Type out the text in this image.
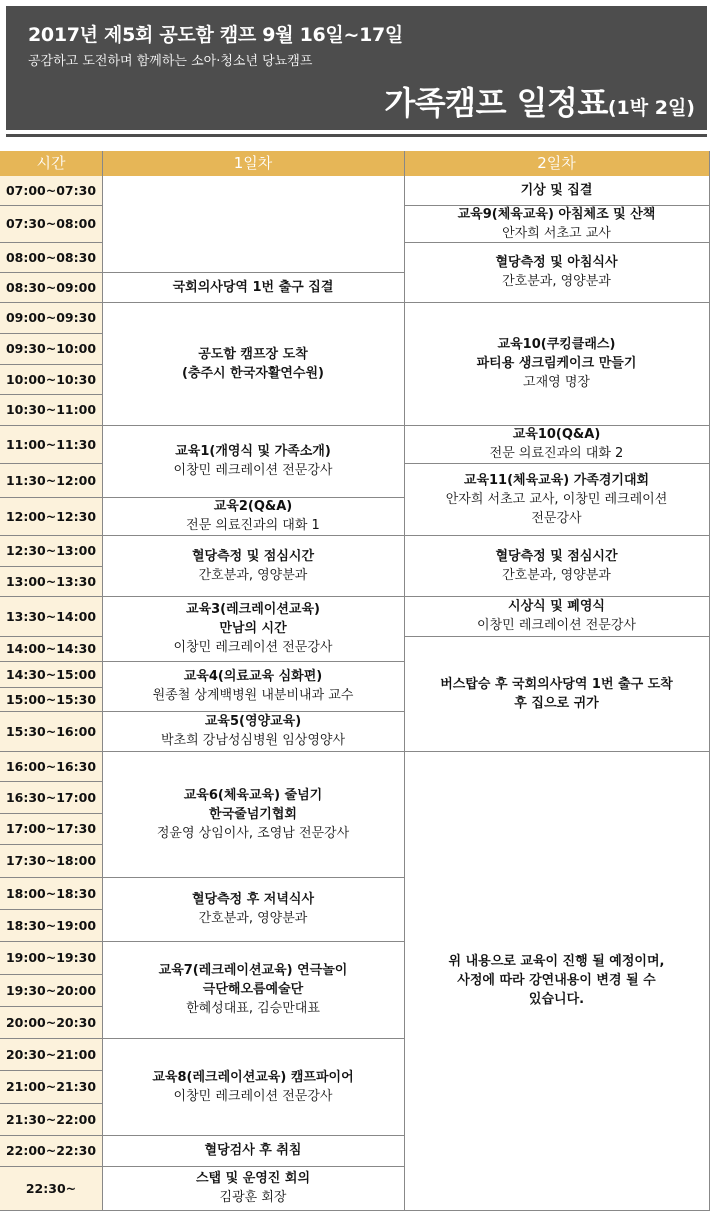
2017년 제5회 공도함 캠프 9월 16일~17일
공감하고 도전하며 함께하는 소아·청소년 당뇨캠프
가족캠프 일정표(1박 2일)
시간	1일차	2일차
07:00~07:30
07:30~08:00
08:00~08:30
08:30~09:00
09:00~09:30
09:30~10:00
10:00~10:30
10:30~11:00
11:00~11:30
11:30~12:00
12:00~12:30
12:30~13:00
13:00~13:30
13:30~14:00
14:00~14:30
14:30~15:00
15:00~15:30
15:30~16:00
16:00~16:30
16:30~17:00
17:00~17:30
17:30~18:00
18:00~18:30
18:30~19:00
19:00~19:30
19:30~20:00
20:00~20:30
20:30~21:00
21:00~21:30
21:30~22:00
22:00~22:30
22:30~
국회의사당역 1번 출구 집결
공도함 캠프장 도착
(충주시 한국자활연수원)
교육1(개영식 및 가족소개)
이창민 레크레이션 전문강사
교육2(Q&A)
전문 의료진과의 대화 1
혈당측정 및 점심시간
간호분과, 영양분과
교육3(레크레이션교육)
만남의 시간
이창민 레크레이션 전문강사
교육4(의료교육 심화편)
원종철 상계백병원 내분비내과 교수
교육5(영양교육)
박초희 강남성심병원 임상영양사
교육6(체육교육) 줄넘기
한국줄넘기협회
정윤영 상임이사, 조영남 전문강사
혈당측정 후 저녁식사
간호분과, 영양분과
교육7(레크레이션교육) 연극놀이
극단해오름예술단
한혜성대표, 김승만대표
교육8(레크레이션교육) 캠프파이어
이창민 레크레이션 전문강사
혈당검사 후 취침
스탭 및 운영진 회의
김광훈 회장
기상 및 집결
교육9(체육교육) 아침체조 및 산책
안자희 서초고 교사
혈당측정 및 아침식사
간호분과, 영양분과
교육10(쿠킹클래스)
파티용 생크림케이크 만들기
고재영 명장
교육10(Q&A)
전문 의료진과의 대화 2
교육11(체육교육) 가족경기대회
안자희 서초고 교사, 이창민 레크레이션
전문강사
혈당측정 및 점심시간
간호분과, 영양분과
시상식 및 폐영식
이창민 레크레이션 전문강사
버스탑승 후 국회의사당역 1번 출구 도착
후 집으로 귀가
위 내용으로 교육이 진행 될 예정이며,
사정에 따라 강연내용이 변경 될 수
있습니다.
